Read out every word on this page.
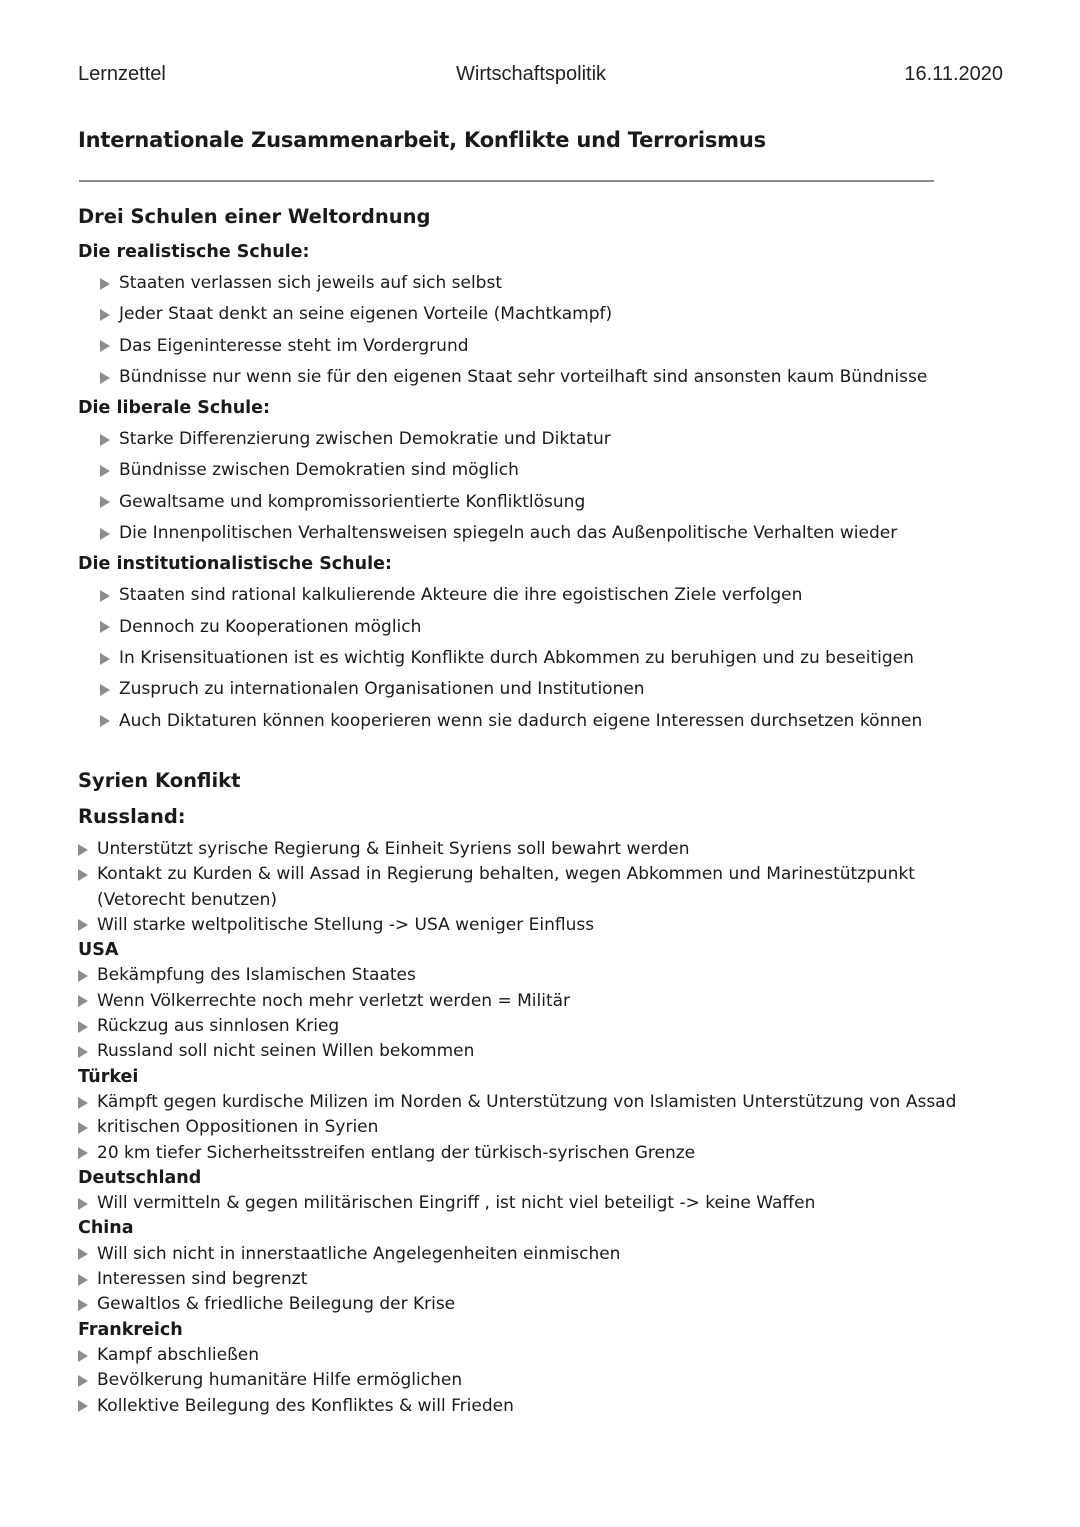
Lernzettel	Wirtschaftspolitik	16.11.2020
Internationale Zusammenarbeit, Konflikte und Terrorismus
Drei Schulen einer Weltordnung
Die realistische Schule:
Staaten verlassen sich jeweils auf sich selbst
Jeder Staat denkt an seine eigenen Vorteile (Machtkampf)
Das Eigeninteresse steht im Vordergrund
Bündnisse nur wenn sie für den eigenen Staat sehr vorteilhaft sind ansonsten kaum Bündnisse
Die liberale Schule:
Starke Differenzierung zwischen Demokratie und Diktatur
Bündnisse zwischen Demokratien sind möglich
Gewaltsame und kompromissorientierte Konfliktlösung
Die Innenpolitischen Verhaltensweisen spiegeln auch das Außenpolitische Verhalten wieder
Die institutionalistische Schule:
Staaten sind rational kalkulierende Akteure die ihre egoistischen Ziele verfolgen
Dennoch zu Kooperationen möglich
In Krisensituationen ist es wichtig Konflikte durch Abkommen zu beruhigen und zu beseitigen
Zuspruch zu internationalen Organisationen und Institutionen
Auch Diktaturen können kooperieren wenn sie dadurch eigene Interessen durchsetzen können
Syrien Konflikt
Russland:
Unterstützt syrische Regierung & Einheit Syriens soll bewahrt werden
Kontakt zu Kurden & will Assad in Regierung behalten, wegen Abkommen und Marinestützpunkt (Vetorecht benutzen)
Will starke weltpolitische Stellung -> USA weniger Einfluss
USA
Bekämpfung des Islamischen Staates
Wenn Völkerrechte noch mehr verletzt werden = Militär
Rückzug aus sinnlosen Krieg
Russland soll nicht seinen Willen bekommen
Türkei
Kämpft gegen kurdische Milizen im Norden & Unterstützung von Islamisten Unterstützung von Assad
kritischen Oppositionen in Syrien
20 km tiefer Sicherheitsstreifen entlang der türkisch-syrischen Grenze
Deutschland
Will vermitteln & gegen militärischen Eingriff , ist nicht viel beteiligt -> keine Waffen
China
Will sich nicht in innerstaatliche Angelegenheiten einmischen
Interessen sind begrenzt
Gewaltlos & friedliche Beilegung der Krise
Frankreich
Kampf abschließen
Bevölkerung humanitäre Hilfe ermöglichen
Kollektive Beilegung des Konfliktes & will Frieden
